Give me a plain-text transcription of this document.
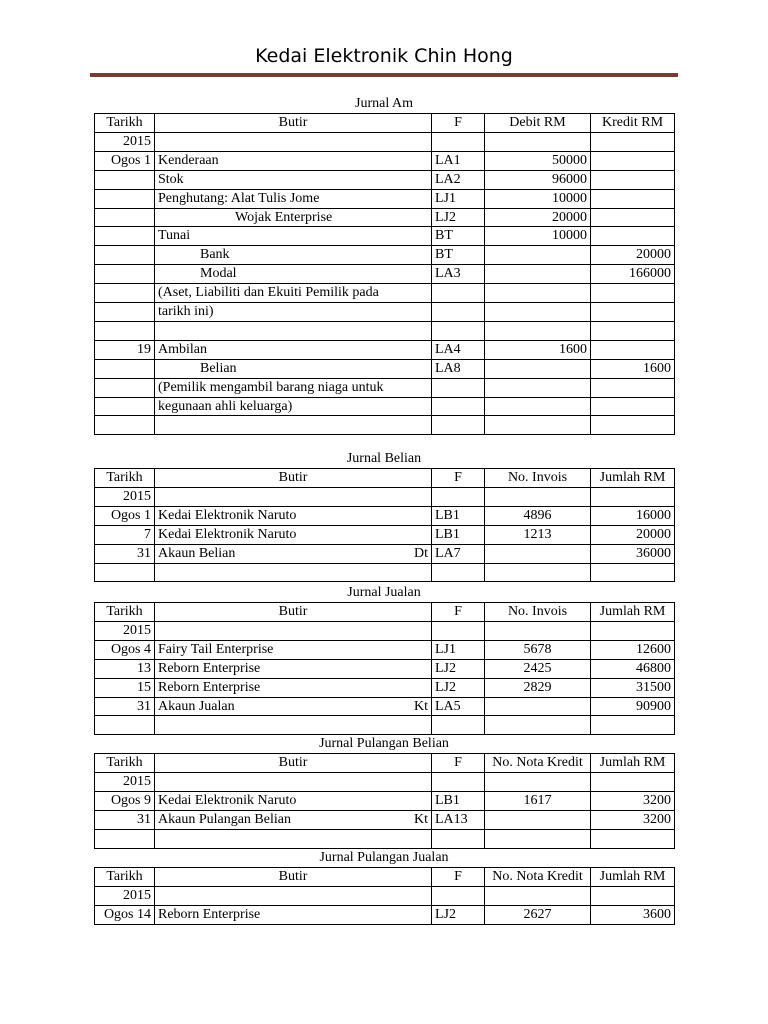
Kedai Elektronik Chin Hong
Jurnal Am
Tarikh	Butir	F	Debit RM	Kredit RM
2015				
Ogos 1	Kenderaan	LA1	50000	
	Stok	LA2	96000	
	Penghutang: Alat Tulis Jome	LJ1	10000	
	Wojak Enterprise	LJ2	20000	
	Tunai	BT	10000	
	Bank	BT		20000
	Modal	LA3		166000
	(Aset, Liabiliti dan Ekuiti Pemilik pada			
	tarikh ini)			

19	Ambilan	LA4	1600	
	Belian	LA8		1600
	(Pemilik mengambil barang niaga untuk			
	kegunaan ahli keluarga)			

Jurnal Belian
Tarikh	Butir	F	No. Invois	Jumlah RM
2015				
Ogos 1	Kedai Elektronik Naruto	LB1	4896	16000
7	Kedai Elektronik Naruto	LB1	1213	20000
31	Akaun Belian Dt	LA7		36000

Jurnal Jualan
Tarikh	Butir	F	No. Invois	Jumlah RM
2015				
Ogos 4	Fairy Tail Enterprise	LJ1	5678	12600
13	Reborn Enterprise	LJ2	2425	46800
15	Reborn Enterprise	LJ2	2829	31500
31	Akaun Jualan Kt	LA5		90900

Jurnal Pulangan Belian
Tarikh	Butir	F	No. Nota Kredit	Jumlah RM
2015				
Ogos 9	Kedai Elektronik Naruto	LB1	1617	3200
31	Akaun Pulangan Belian Kt	LA13		3200

Jurnal Pulangan Jualan
Tarikh	Butir	F	No. Nota Kredit	Jumlah RM
2015				
Ogos 14	Reborn Enterprise	LJ2	2627	3600
